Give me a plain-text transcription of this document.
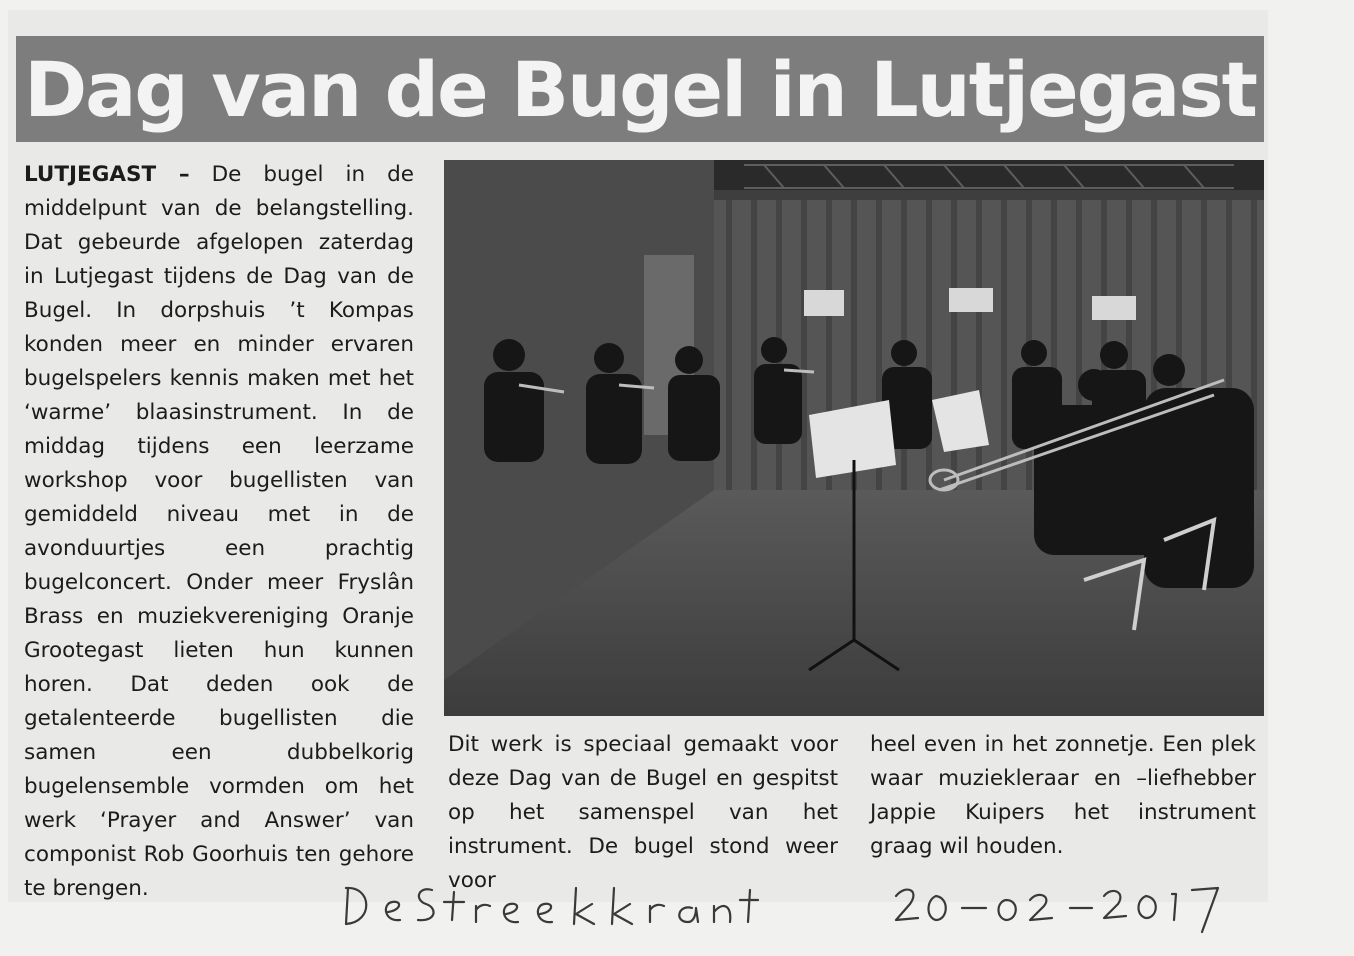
Dag van de Bugel in Lutjegast
LUTJEGAST – De bugel in de middelpunt van de belangstelling. Dat gebeurde afgelopen zaterdag in Lutjegast tijdens de Dag van de Bugel. In dorpshuis ’t Kompas konden meer en minder ervaren bugelspelers kennis maken met het ‘warme’ blaasinstrument. In de middag tijdens een leerzame workshop voor bugellisten van gemiddeld niveau met in de avonduurtjes een prachtig bugelconcert. Onder meer Fryslân Brass en muziekvereniging Oranje Grootegast lieten hun kunnen horen. Dat deden ook de getalenteerde bugellisten die samen een dubbelkorig bugelensemble vormden om het werk ‘Prayer and Answer’ van componist Rob Goorhuis ten gehore te brengen.
Dit werk is speciaal gemaakt voor deze Dag van de Bugel en gespitst op het samenspel van het instrument. De bugel stond weer voor
heel even in het zonnetje. Een plek waar muziekleraar en –liefhebber Jappie Kuipers het instrument graag wil houden.
